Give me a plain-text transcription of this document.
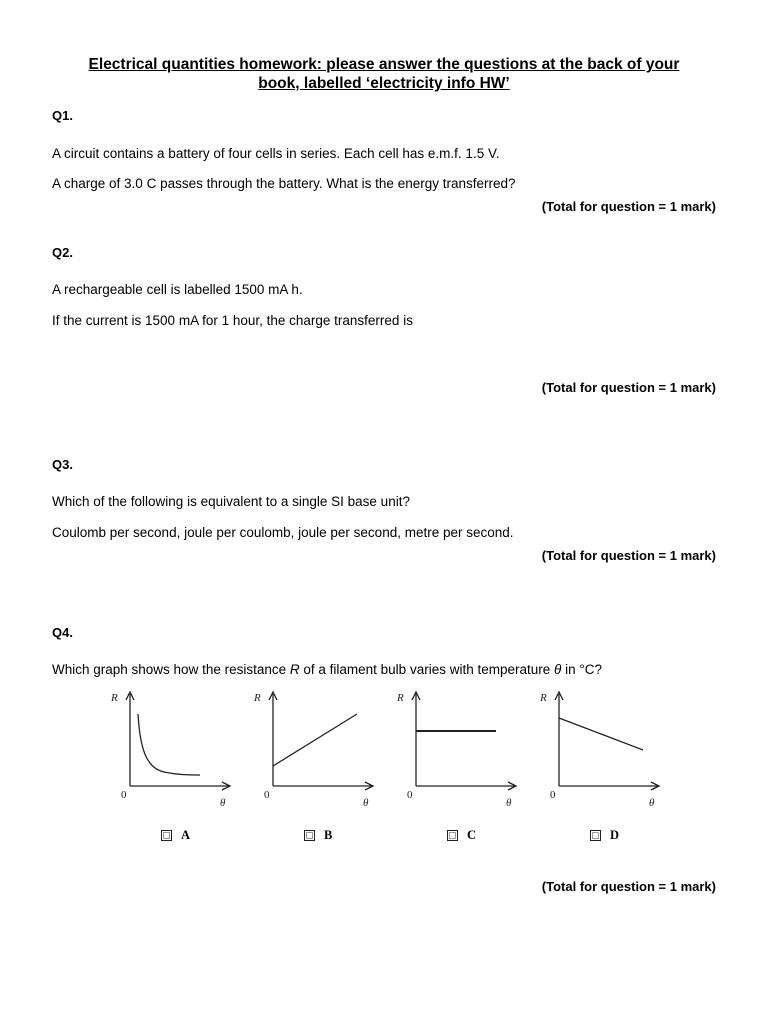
Electrical quantities homework: please answer the questions at the back of your
book, labelled ‘electricity info HW’
Q1.
A circuit contains a battery of four cells in series. Each cell has e.m.f. 1.5 V.
A charge of 3.0 C passes through the battery. What is the energy transferred?
(Total for question = 1 mark)
Q2.
A rechargeable cell is labelled 1500 mA h.
If the current is 1500 mA for 1 hour, the charge transferred is
(Total for question = 1 mark)
Q3.
Which of the following is equivalent to a single SI base unit?
Coulomb per second, joule per coulomb, joule per second, metre per second.
(Total for question = 1 mark)
Q4.
Which graph shows how the resistance R of a filament bulb varies with temperature θ in °C?
R
θ
0
R
θ
0
R
θ
0
R
θ
0
A	B	C	D
(Total for question = 1 mark)
